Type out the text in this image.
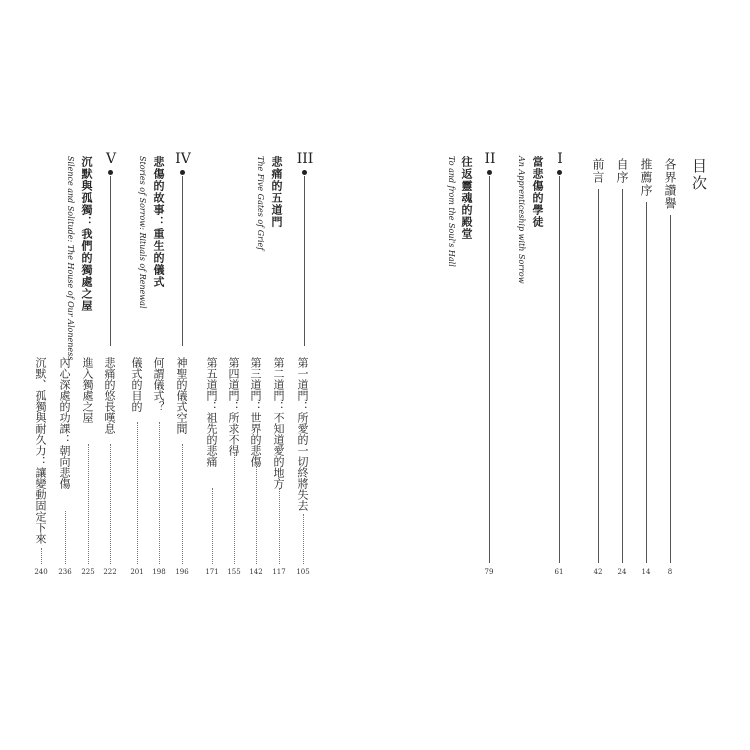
目次
各界讚譽
8
推薦序
14
自序
24
前言
42
I
當悲傷的學徒
An Apprenticeship with Sorrow
61
II
往返靈魂的殿堂
To and from the Soul's Hall
79
III
悲痛的五道門
The Five Gates of Grief
第一道門：所愛的一切終將失去
105
第二道門：不知道愛的地方
117
第三道門：世界的悲傷
142
第四道門：所求不得
155
第五道門：祖先的悲痛
171
IV
悲傷的故事：重生的儀式
Stories of Sorrow: Rituals of Renewal
神聖的儀式空間
196
何謂儀式？
198
儀式的目的
201
悲痛的悠長嘆息
222
V
沉默與孤獨：我們的獨處之屋
Silence and Solitude: The House of Our Aloneness
進入獨處之屋
225
內心深處的功課：朝向悲傷
236
沉默、孤獨與耐久力：讓變動固定下來
240
